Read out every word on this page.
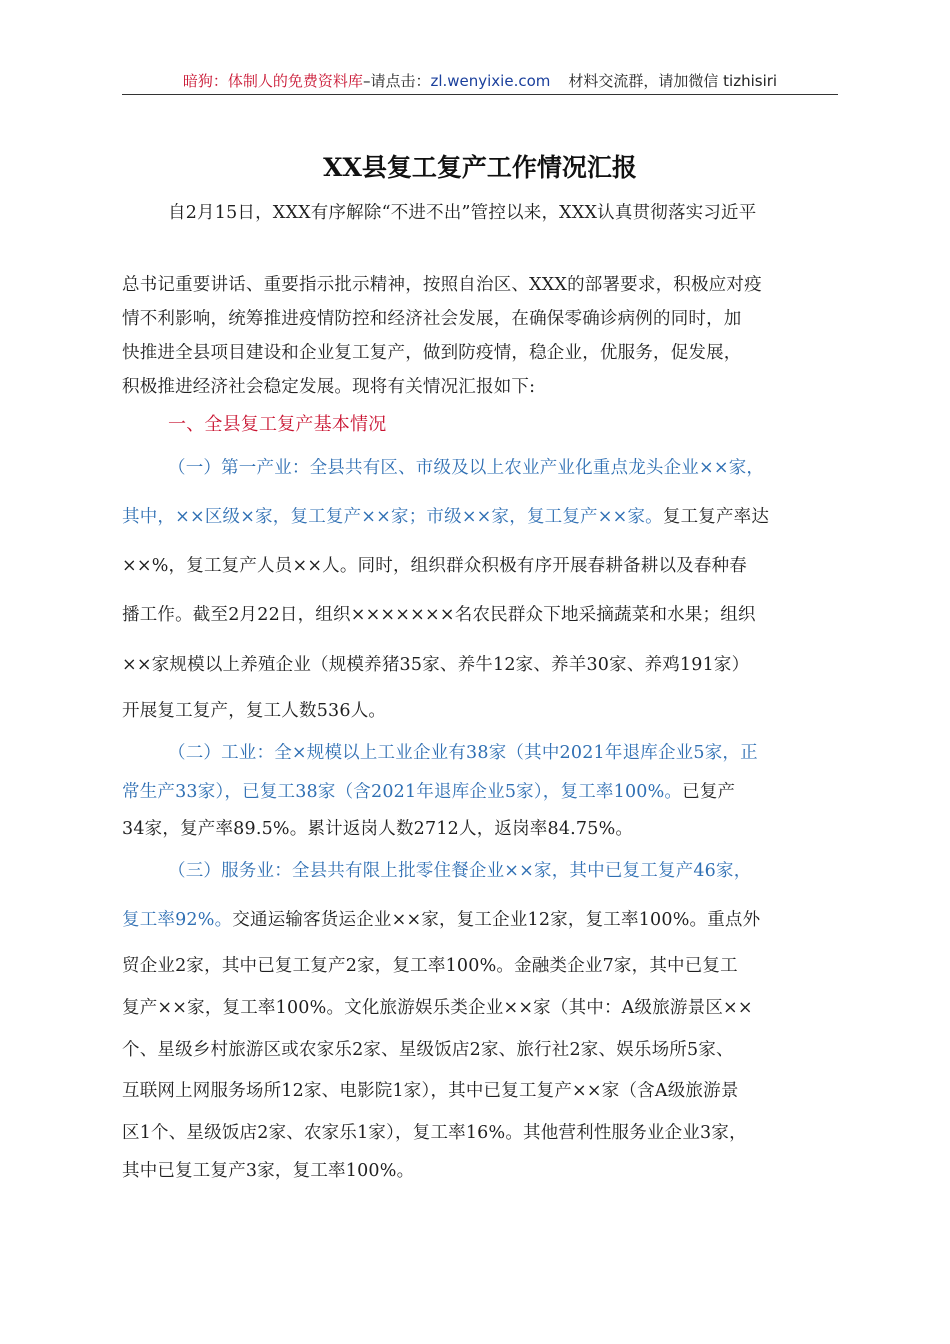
暗狗：体制人的免费资料库–请点击：zl.wenyixie.com 材料交流群，请加微信 tizhisiri
XX县复工复产工作情况汇报
自2月15日，XXX有序解除“不进不出”管控以来，XXX认真贯彻落实习近平
总书记重要讲话、重要指示批示精神，按照自治区、XXX的部署要求，积极应对疫
情不利影响，统筹推进疫情防控和经济社会发展，在确保零确诊病例的同时，加
快推进全县项目建设和企业复工复产，做到防疫情，稳企业，优服务，促发展，
积极推进经济社会稳定发展。现将有关情况汇报如下:
一、全县复工复产基本情况
（一）第一产业：全县共有区、市级及以上农业产业化重点龙头企业××家，
其中，××区级×家，复工复产××家；市级××家，复工复产××家。复工复产率达
××%，复工复产人员××人。同时，组织群众积极有序开展春耕备耕以及春种春
播工作。截至2月22日，组织×××××××名农民群众下地采摘蔬菜和水果；组织
××家规模以上养殖企业（规模养猪35家、养牛12家、养羊30家、养鸡191家）
开展复工复产，复工人数536人。
（二）工业：全×规模以上工业企业有38家（其中2021年退库企业5家，正
常生产33家），已复工38家（含2021年退库企业5家），复工率100%。已复产
34家，复产率89.5%。累计返岗人数2712人，返岗率84.75%。
（三）服务业：全县共有限上批零住餐企业××家，其中已复工复产46家，
复工率92%。交通运输客货运企业××家，复工企业12家，复工率100%。重点外
贸企业2家，其中已复工复产2家，复工率100%。金融类企业7家，其中已复工
复产××家，复工率100%。文化旅游娱乐类企业××家（其中：A级旅游景区××
个、星级乡村旅游区或农家乐2家、星级饭店2家、旅行社2家、娱乐场所5家、
互联网上网服务场所12家、电影院1家），其中已复工复产××家（含A级旅游景
区1个、星级饭店2家、农家乐1家），复工率16%。其他营利性服务业企业3家，
其中已复工复产3家，复工率100%。
